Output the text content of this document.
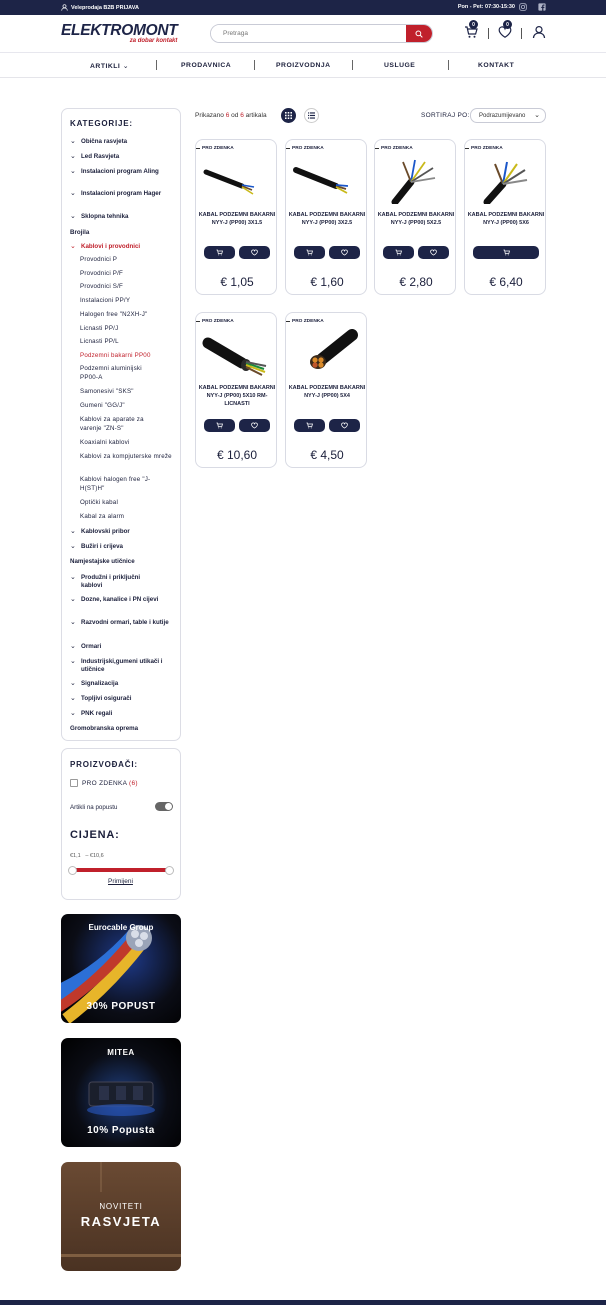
Veleprodaja B2B PRIJAVA	Pon - Pet: 07:30-15:30
ELEKTROMONT
za dobar kontakt
Pretraga
0	0
ARTIKLI ⌄	PRODAVNICA	PROIZVODNJA	USLUGE	KONTAKT
KATEGORIJE:
⌄ Obična rasvjeta
⌄ Led Rasvjeta
⌄ Instalacioni program Aling
⌄ Instalacioni program Hager
⌄ Sklopna tehnika
Brojila
⌄ Kablovi i provodnici
Provodnici P
Provodnici P/F
Provodnici S/F
Instalacioni PP/Y
Halogen free "N2XH-J"
Licnasti PP/J
Licnasti PP/L
Podzemni bakarni PP00
Podzemni aluminijski PP00-A
Samonesivi "SKS"
Gumeni "GG/J"
Kablovi za aparate za varenje "ZN-S"
Koaxialni kablovi
Kablovi za kompjuterske mreže
Kablovi halogen free "J-H(ST)H"
Optički kabal
Kabal za alarm
⌄ Kablovski pribor
⌄ Bužiri i crijeva
Namjestajske utičnice
⌄ Produžni i priključni kablovi
⌄ Dozne, kanalice i PN cijevi
⌄ Razvodni ormari, table i kutije
⌄ Ormari
⌄ Industrijski,gumeni utikači i utičnice
⌄ Signalizacija
⌄ Topljivi osigurači
⌄ PNK regali
Gromobranska oprema
PROIZVOĐAČI:
PRO ZDENKA (6)
Artikli na popustu
CIJENA:
€1,1 – €10,6
Primijeni
Eurocable Group
30% POPUST
MITEA
10% Popusta
NOVITETI
RASVJETA
Prikazano 6 od 6 artikala	SORTIRAJ PO:	Podrazumijevano ⌄
PRO ZDENKA
KABAL PODZEMNI BAKARNI NYY-J (PP00) 3X1.5
€ 1,05
PRO ZDENKA
KABAL PODZEMNI BAKARNI NYY-J (PP00) 3X2.5
€ 1,60
PRO ZDENKA
KABAL PODZEMNI BAKARNI NYY-J (PP00) 5X2.5
€ 2,80
PRO ZDENKA
KABAL PODZEMNI BAKARNI NYY-J (PP00) 5X6
€ 6,40
PRO ZDENKA
KABAL PODZEMNI BAKARNI NYY-J (PP00) 5X10 RM-LICNASTI
€ 10,60
PRO ZDENKA
KABAL PODZEMNI BAKARNI NYY-J (PP00) 5X4
€ 4,50
